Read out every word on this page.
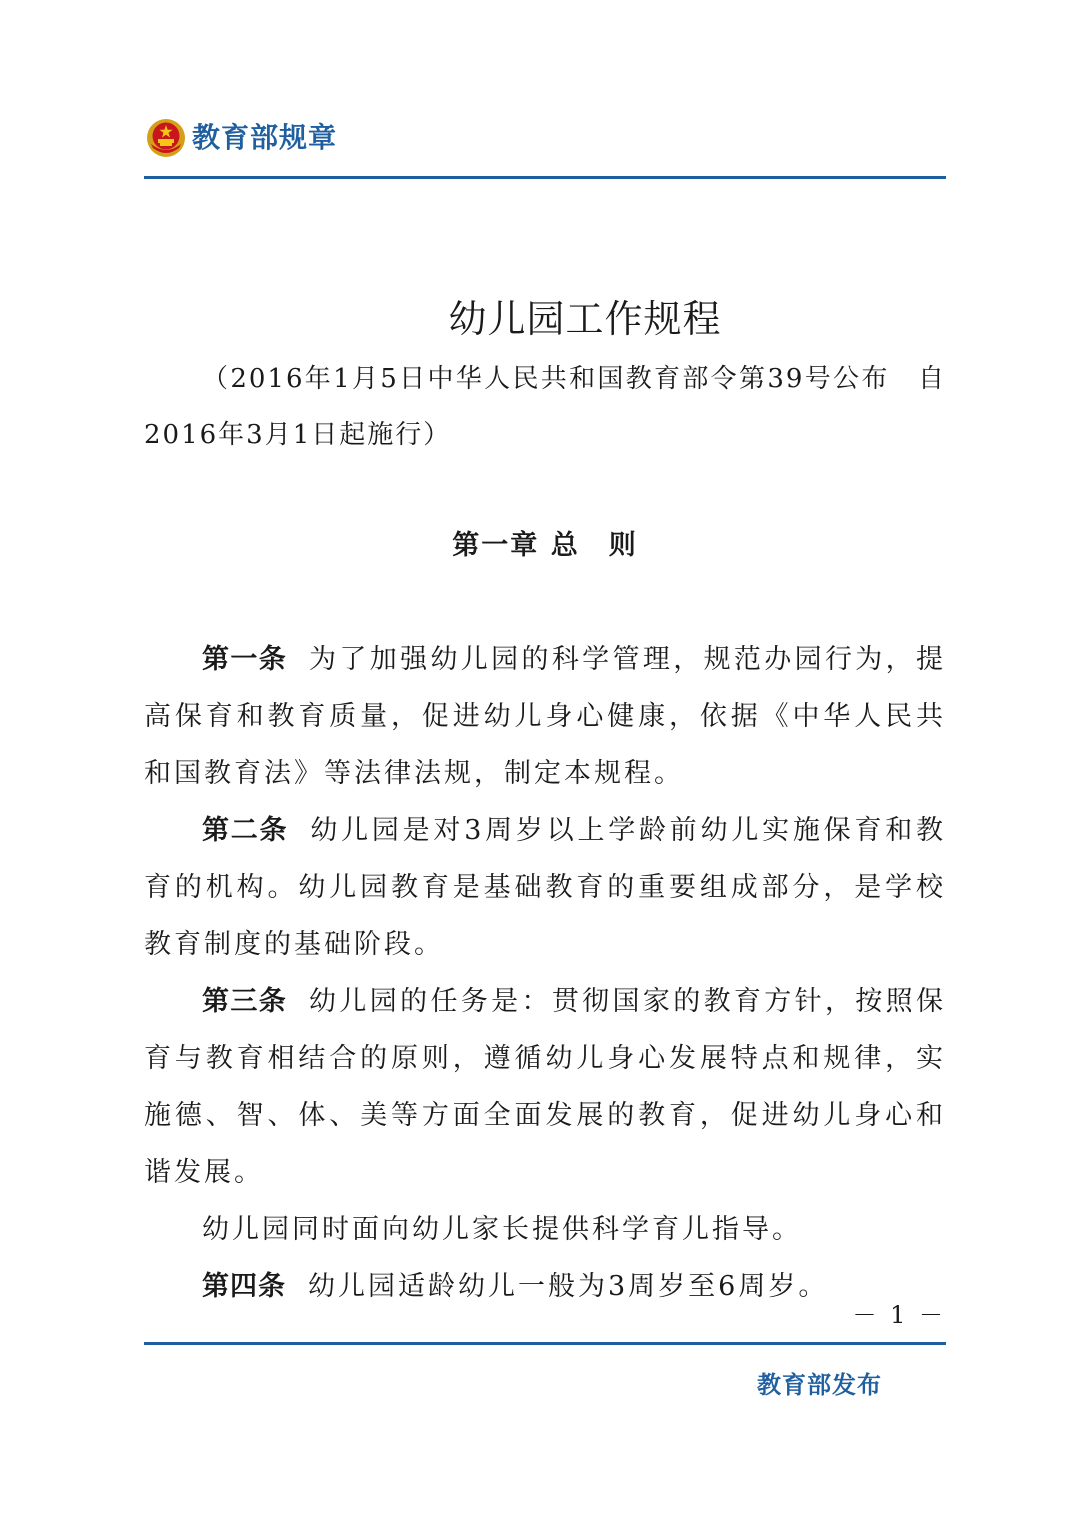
教育部规章
幼儿园工作规程
（2016年1月5日中华人民共和国教育部令第39号公布　自2016年3月1日起施行）
第一章 总　则

第一条 为了加强幼儿园的科学管理，规范办园行为，提高保育和教育质量，促进幼儿身心健康，依据《中华人民共和国教育法》等法律法规，制定本规程。

第二条 幼儿园是对3周岁以上学龄前幼儿实施保育和教育的机构。幼儿园教育是基础教育的重要组成部分，是学校教育制度的基础阶段。

第三条 幼儿园的任务是：贯彻国家的教育方针，按照保育与教育相结合的原则，遵循幼儿身心发展特点和规律，实施德、智、体、美等方面全面发展的教育，促进幼儿身心和谐发展。

幼儿园同时面向幼儿家长提供科学育儿指导。

第四条 幼儿园适龄幼儿一般为3周岁至6周岁。

－ 1 －
教育部发布
